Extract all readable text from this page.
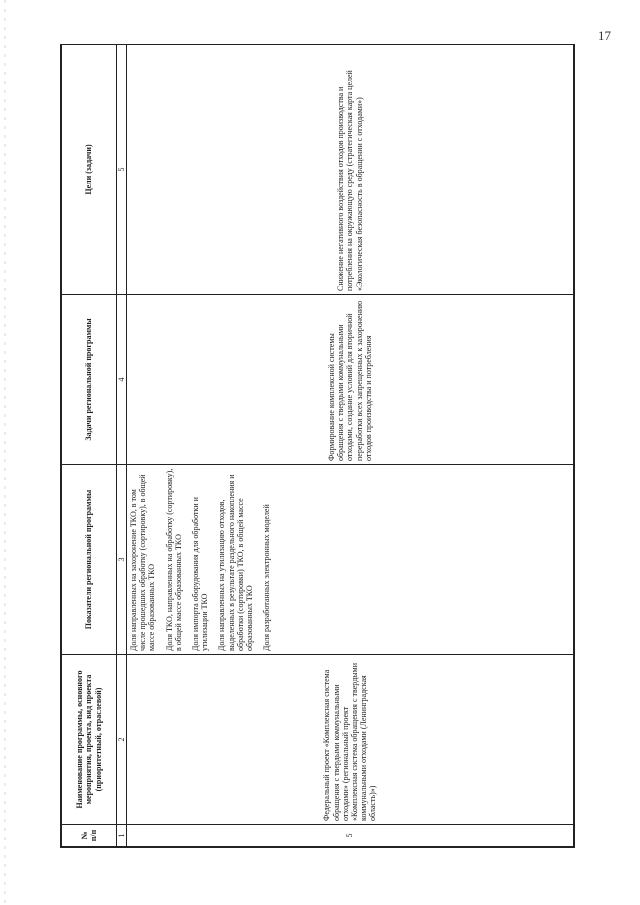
17
№ п/п	Наименование программы, основного мероприятия, проекта, вид проекта (приоритетный, отраслевой)	Показатели региональной программы	Задачи региональной программы	Цели (задачи)
1	2	3	4	5
5	Федеральный проект «Комплексная система обращения с твердыми коммунальными отходами» (региональный проект «Комплексная система обращения с твердыми коммунальными отходами (Ленинградская область)»)	Доля направленных на захоронение ТКО, в том числе прошедших обработку (сортировку), в общей массе образованных ТКО Доля ТКО, направленных на обработку (сортировку), в общей массе образованных ТКО Доля импорта оборудования для обработки и утилизации ТКО Доля направленных на утилизацию отходов, выделенных в результате раздельного накопления и обработки (сортировки) ТКО, в общей массе образованных ТКО Доля разработанных электронных моделей	Формирование комплексной системы обращения с твердыми коммунальными отходами, создание условий для вторичной переработки всех запрещенных к захоронению отходов производства и потребления	Снижение негативного воздействия отходов производства и потребления на окружающую среду (стратегическая карта целей «Экологическая безопасность в обращении с отходами»)
